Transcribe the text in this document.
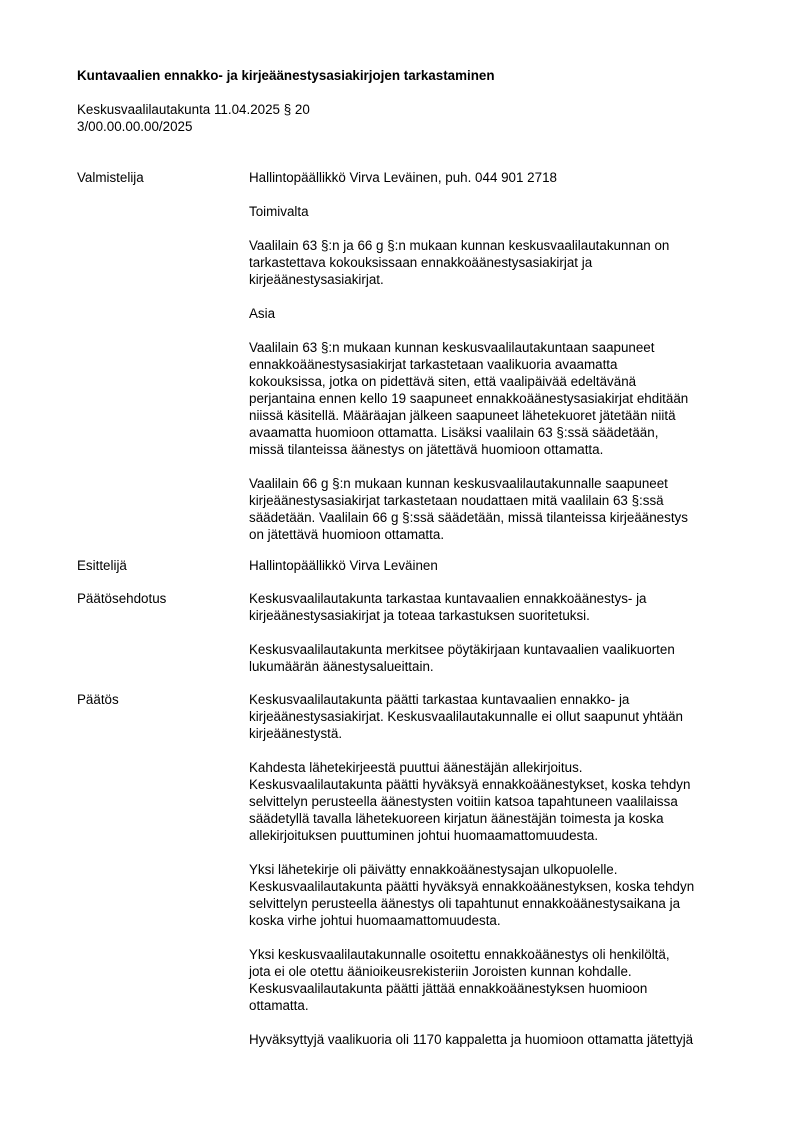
Kuntavaalien ennakko- ja kirjeäänestysasiakirjojen tarkastaminen
Keskusvaalilautakunta 11.04.2025 § 20
3/00.00.00.00/2025
Valmistelija	Hallintopäällikkö Virva Leväinen, puh. 044 901 2718
Toimivalta
Vaalilain 63 §:n ja 66 g §:n mukaan kunnan keskusvaalilautakunnan on
tarkastettava kokouksissaan ennakkoäänestysasiakirjat ja
kirjeäänestysasiakirjat.
Asia
Vaalilain 63 §:n mukaan kunnan keskusvaalilautakuntaan saapuneet
ennakkoäänestysasiakirjat tarkastetaan vaalikuoria avaamatta
kokouksissa, jotka on pidettävä siten, että vaalipäivää edeltävänä
perjantaina ennen kello 19 saapuneet ennakkoäänestysasiakirjat ehditään
niissä käsitellä. Määräajan jälkeen saapuneet lähetekuoret jätetään niitä
avaamatta huomioon ottamatta. Lisäksi vaalilain 63 §:ssä säädetään,
missä tilanteissa äänestys on jätettävä huomioon ottamatta.
Vaalilain 66 g §:n mukaan kunnan keskusvaalilautakunnalle saapuneet
kirjeäänestysasiakirjat tarkastetaan noudattaen mitä vaalilain 63 §:ssä
säädetään. Vaalilain 66 g §:ssä säädetään, missä tilanteissa kirjeäänestys
on jätettävä huomioon ottamatta.
Esittelijä	Hallintopäällikkö Virva Leväinen
Päätösehdotus	Keskusvaalilautakunta tarkastaa kuntavaalien ennakkoäänestys- ja
kirjeäänestysasiakirjat ja toteaa tarkastuksen suoritetuksi.
Keskusvaalilautakunta merkitsee pöytäkirjaan kuntavaalien vaalikuorten
lukumäärän äänestysalueittain.
Päätös	Keskusvaalilautakunta päätti tarkastaa kuntavaalien ennakko- ja
kirjeäänestysasiakirjat. Keskusvaalilautakunnalle ei ollut saapunut yhtään
kirjeäänestystä.
Kahdesta lähetekirjeestä puuttui äänestäjän allekirjoitus.
Keskusvaalilautakunta päätti hyväksyä ennakkoäänestykset, koska tehdyn
selvittelyn perusteella äänestysten voitiin katsoa tapahtuneen vaalilaissa
säädetyllä tavalla lähetekuoreen kirjatun äänestäjän toimesta ja koska
allekirjoituksen puuttuminen johtui huomaamattomuudesta.
Yksi lähetekirje oli päivätty ennakkoäänestysajan ulkopuolelle.
Keskusvaalilautakunta päätti hyväksyä ennakkoäänestyksen, koska tehdyn
selvittelyn perusteella äänestys oli tapahtunut ennakkoäänestysaikana ja
koska virhe johtui huomaamattomuudesta.
Yksi keskusvaalilautakunnalle osoitettu ennakkoäänestys oli henkilöltä,
jota ei ole otettu äänioikeusrekisteriin Joroisten kunnan kohdalle.
Keskusvaalilautakunta päätti jättää ennakkoäänestyksen huomioon
ottamatta.
Hyväksyttyjä vaalikuoria oli 1170 kappaletta ja huomioon ottamatta jätettyjä
